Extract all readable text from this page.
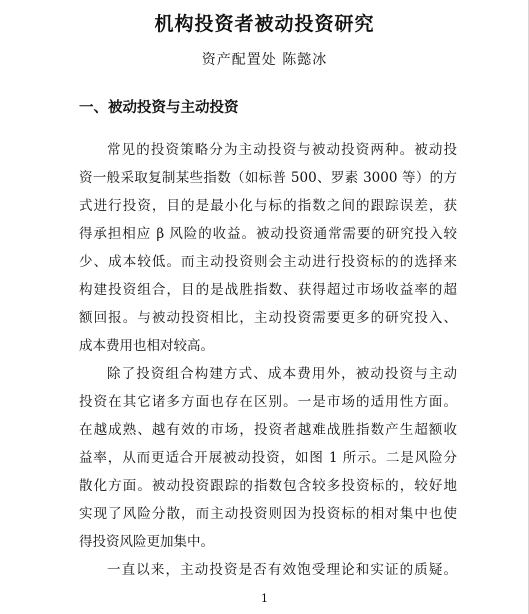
机构投资者被动投资研究
资产配置处 陈懿冰
一、被动投资与主动投资
常见的投资策略分为主动投资与被动投资两种。被动投
资一般采取复制某些指数（如标普 500、罗素 3000 等）的方
式进行投资，目的是最小化与标的指数之间的跟踪误差，获
得承担相应 β 风险的收益。被动投资通常需要的研究投入较
少、成本较低。而主动投资则会主动进行投资标的的选择来
构建投资组合，目的是战胜指数、获得超过市场收益率的超
额回报。与被动投资相比，主动投资需要更多的研究投入、
成本费用也相对较高。
除了投资组合构建方式、成本费用外，被动投资与主动
投资在其它诸多方面也存在区别。一是市场的适用性方面。
在越成熟、越有效的市场，投资者越难战胜指数产生超额收
益率，从而更适合开展被动投资，如图 1 所示。二是风险分
散化方面。被动投资跟踪的指数包含较多投资标的，较好地
实现了风险分散，而主动投资则因为投资标的相对集中也使
得投资风险更加集中。
一直以来，主动投资是否有效饱受理论和实证的质疑。
1
